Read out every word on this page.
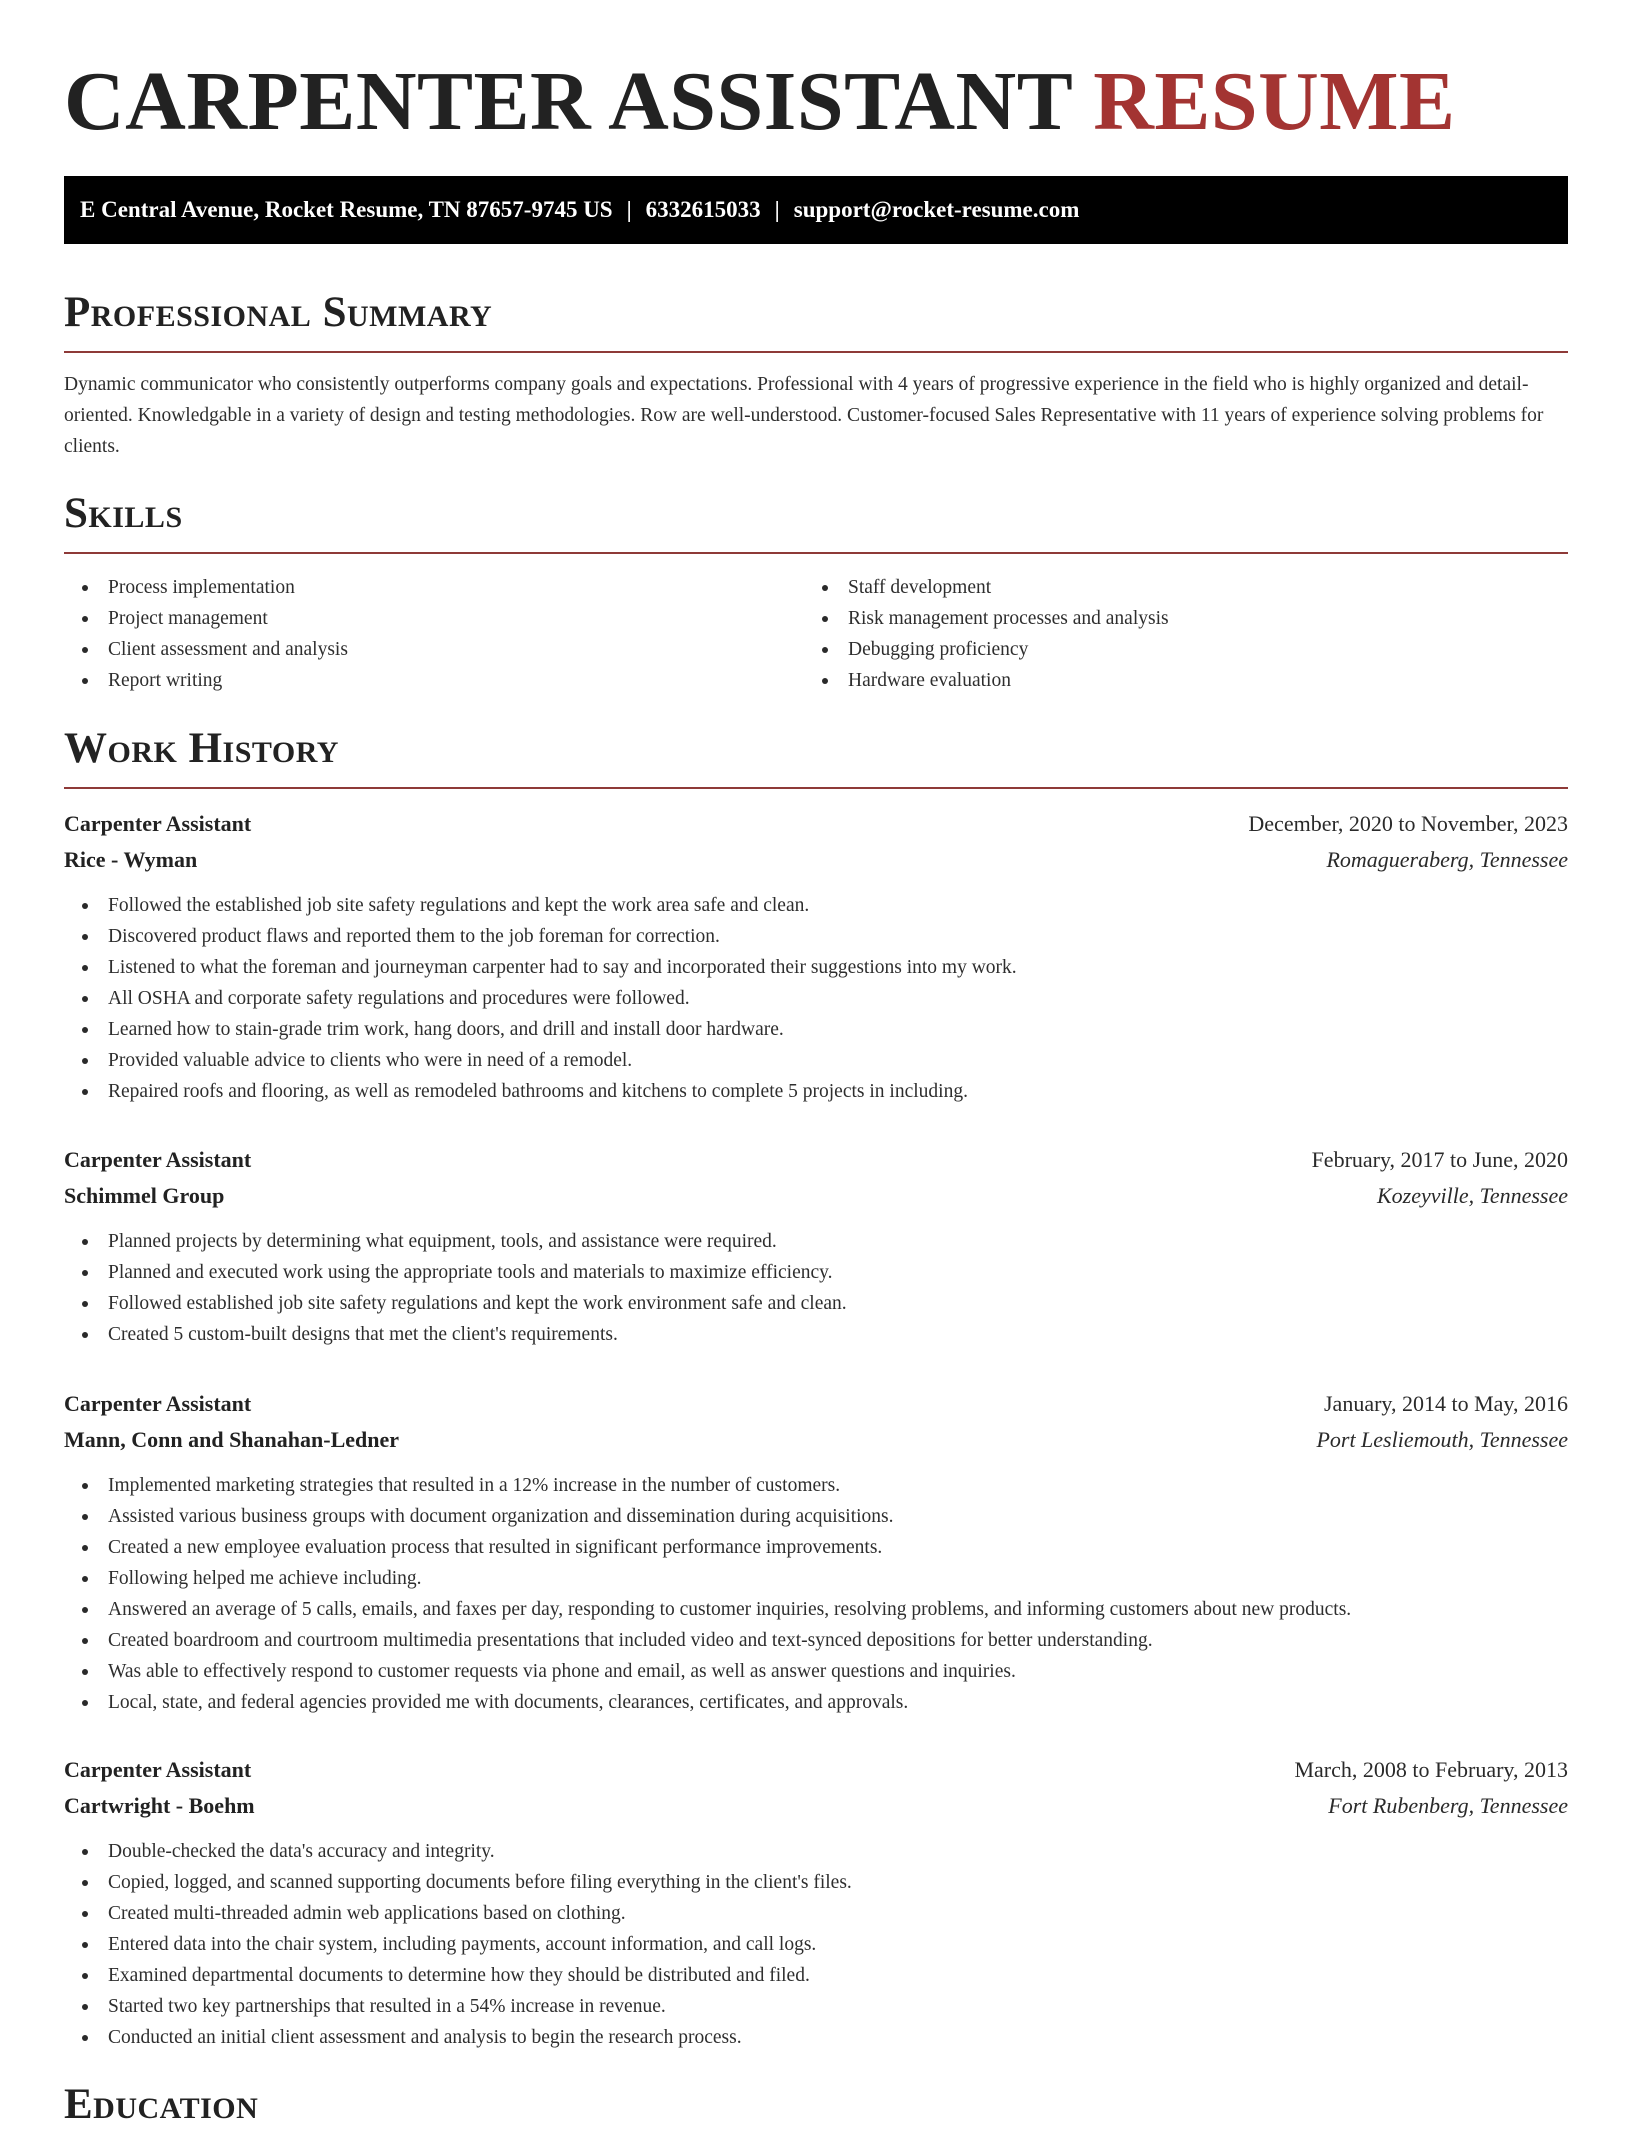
CARPENTER ASSISTANT RESUME
E Central Avenue, Rocket Resume, TN 87657-9745 US | 6332615033 | support@rocket-resume.com
Professional Summary

Dynamic communicator who consistently outperforms company goals and expectations. Professional with 4 years of progressive experience in the field who is highly organized and detail-oriented. Knowledgable in a variety of design and testing methodologies. Row are well-understood. Customer-focused Sales Representative with 11 years of experience solving problems for clients.

Skills
Process implementation
Project management
Client assessment and analysis
Report writing
Staff development
Risk management processes and analysis
Debugging proficiency
Hardware evaluation
Work History
Carpenter Assistant	December, 2020 to November, 2023
Rice - Wyman	Romagueraberg, Tennessee
Followed the established job site safety regulations and kept the work area safe and clean.
Discovered product flaws and reported them to the job foreman for correction.
Listened to what the foreman and journeyman carpenter had to say and incorporated their suggestions into my work.
All OSHA and corporate safety regulations and procedures were followed.
Learned how to stain-grade trim work, hang doors, and drill and install door hardware.
Provided valuable advice to clients who were in need of a remodel.
Repaired roofs and flooring, as well as remodeled bathrooms and kitchens to complete 5 projects in including.
Carpenter Assistant	February, 2017 to June, 2020
Schimmel Group	Kozeyville, Tennessee
Planned projects by determining what equipment, tools, and assistance were required.
Planned and executed work using the appropriate tools and materials to maximize efficiency.
Followed established job site safety regulations and kept the work environment safe and clean.
Created 5 custom-built designs that met the client's requirements.
Carpenter Assistant	January, 2014 to May, 2016
Mann, Conn and Shanahan-Ledner	Port Lesliemouth, Tennessee
Implemented marketing strategies that resulted in a 12% increase in the number of customers.
Assisted various business groups with document organization and dissemination during acquisitions.
Created a new employee evaluation process that resulted in significant performance improvements.
Following helped me achieve including.
Answered an average of 5 calls, emails, and faxes per day, responding to customer inquiries, resolving problems, and informing customers about new products.
Created boardroom and courtroom multimedia presentations that included video and text-synced depositions for better understanding.
Was able to effectively respond to customer requests via phone and email, as well as answer questions and inquiries.
Local, state, and federal agencies provided me with documents, clearances, certificates, and approvals.
Carpenter Assistant	March, 2008 to February, 2013
Cartwright - Boehm	Fort Rubenberg, Tennessee
Double-checked the data's accuracy and integrity.
Copied, logged, and scanned supporting documents before filing everything in the client's files.
Created multi-threaded admin web applications based on clothing.
Entered data into the chair system, including payments, account information, and call logs.
Examined departmental documents to determine how they should be distributed and filed.
Started two key partnerships that resulted in a 54% increase in revenue.
Conducted an initial client assessment and analysis to begin the research process.
Education
